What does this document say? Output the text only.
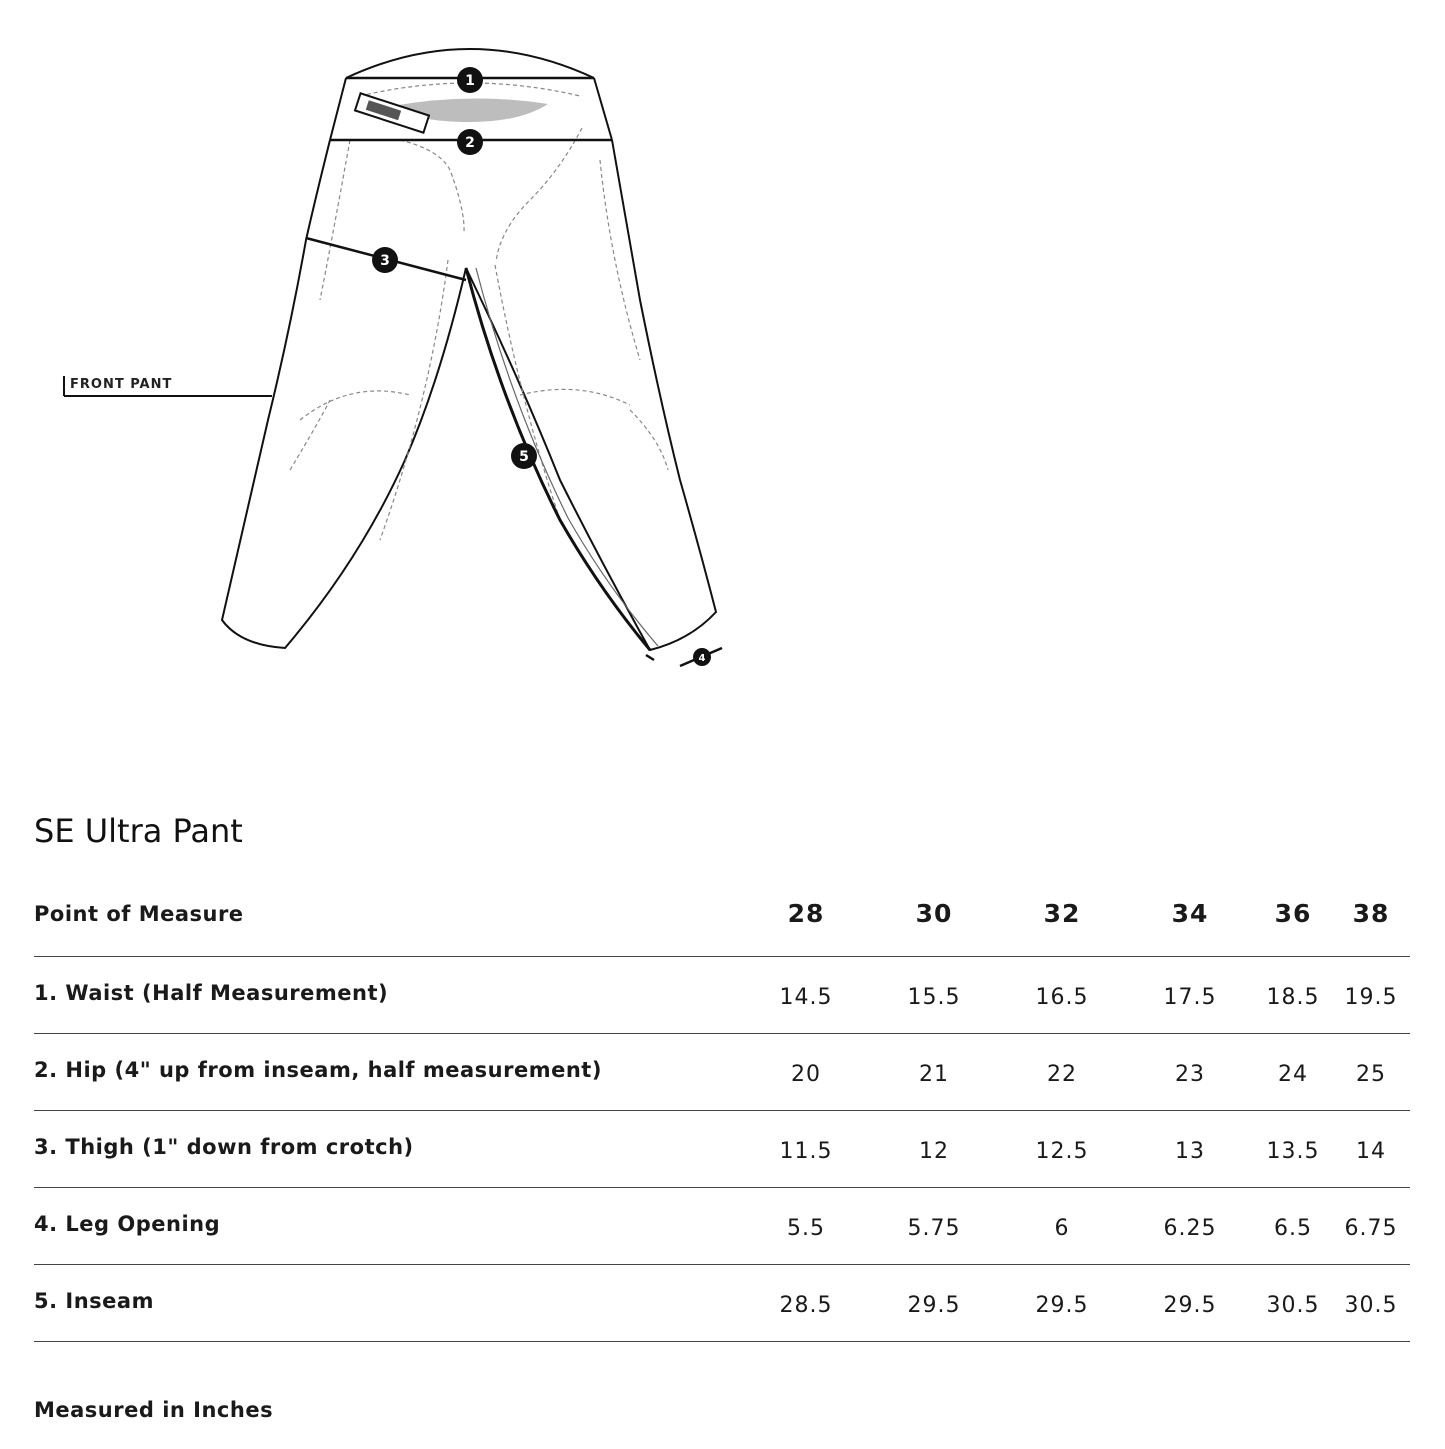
1
2
3
4
5
FRONT PANT
SE Ultra Pant
Point of Measure	28	30	32	34	36	38
1. Waist (Half Measurement)	14.5	15.5	16.5	17.5	18.5	19.5
2. Hip (4" up from inseam, half measurement)	20	21	22	23	24	25
3. Thigh (1" down from crotch)	11.5	12	12.5	13	13.5	14
4. Leg Opening	5.5	5.75	6	6.25	6.5	6.75
5. Inseam	28.5	29.5	29.5	29.5	30.5	30.5

Measured in Inches
